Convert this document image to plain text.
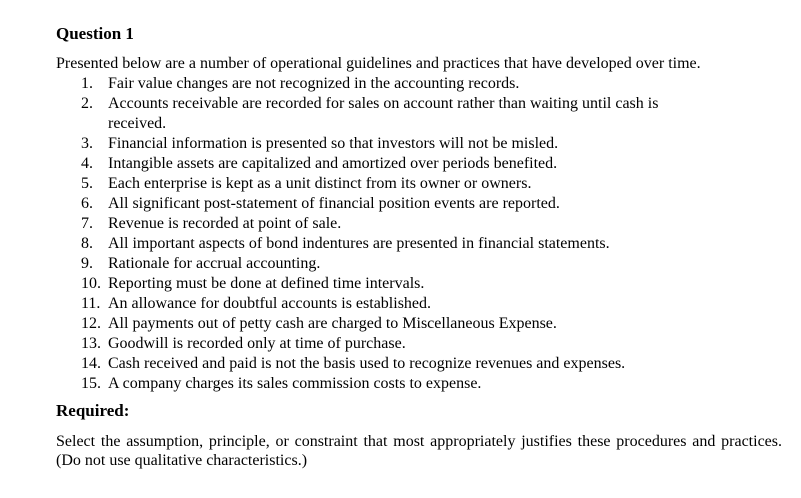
Question 1

Presented below are a number of operational guidelines and practices that have developed over time.

1. Fair value changes are not recognized in the accounting records.
2. Accounts receivable are recorded for sales on account rather than waiting until cash is received.
3. Financial information is presented so that investors will not be misled.
4. Intangible assets are capitalized and amortized over periods benefited.
5. Each enterprise is kept as a unit distinct from its owner or owners.
6. All significant post-statement of financial position events are reported.
7. Revenue is recorded at point of sale.
8. All important aspects of bond indentures are presented in financial statements.
9. Rationale for accrual accounting.
10. Reporting must be done at defined time intervals.
11. An allowance for doubtful accounts is established.
12. All payments out of petty cash are charged to Miscellaneous Expense.
13. Goodwill is recorded only at time of purchase.
14. Cash received and paid is not the basis used to recognize revenues and expenses.
15. A company charges its sales commission costs to expense.
Required:

Select the assumption, principle, or constraint that most appropriately justifies these procedures and practices. (Do not use qualitative characteristics.)
